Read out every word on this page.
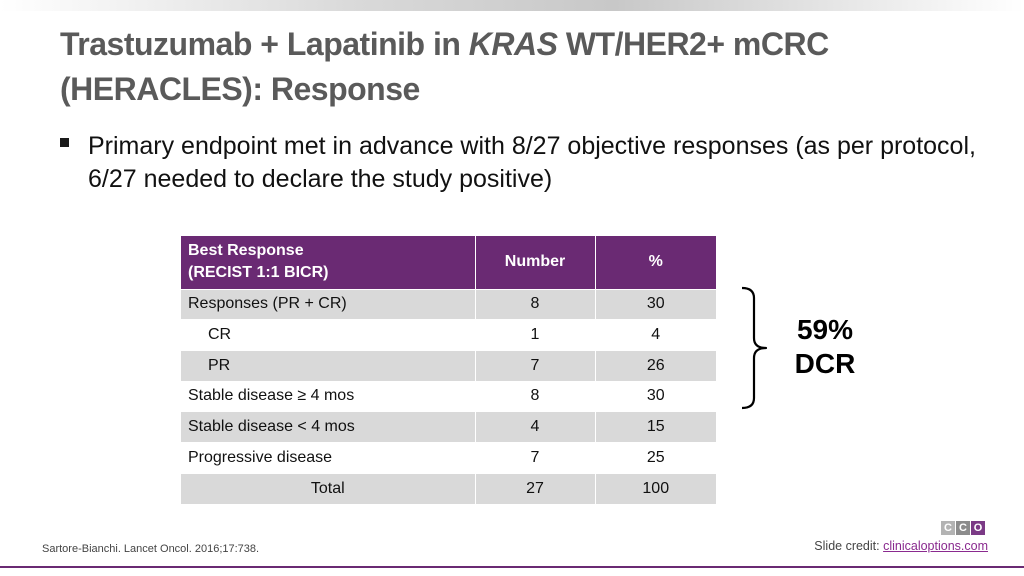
Trastuzumab + Lapatinib in KRAS WT/HER2+ mCRC
(HERACLES): Response
Primary endpoint met in advance with 8/27 objective responses (as per protocol, 6/27 needed to declare the study positive)
Best Response
(RECIST 1:1 BICR)	Number	%
Responses (PR + CR)	8	30
CR	1	4
PR	7	26
Stable disease ≥ 4 mos	8	30
Stable disease < 4 mos	4	15
Progressive disease	7	25
Total	27	100
59%
DCR
C C O
Sartore-Bianchi. Lancet Oncol. 2016;17:738.	Slide credit: clinicaloptions.com
